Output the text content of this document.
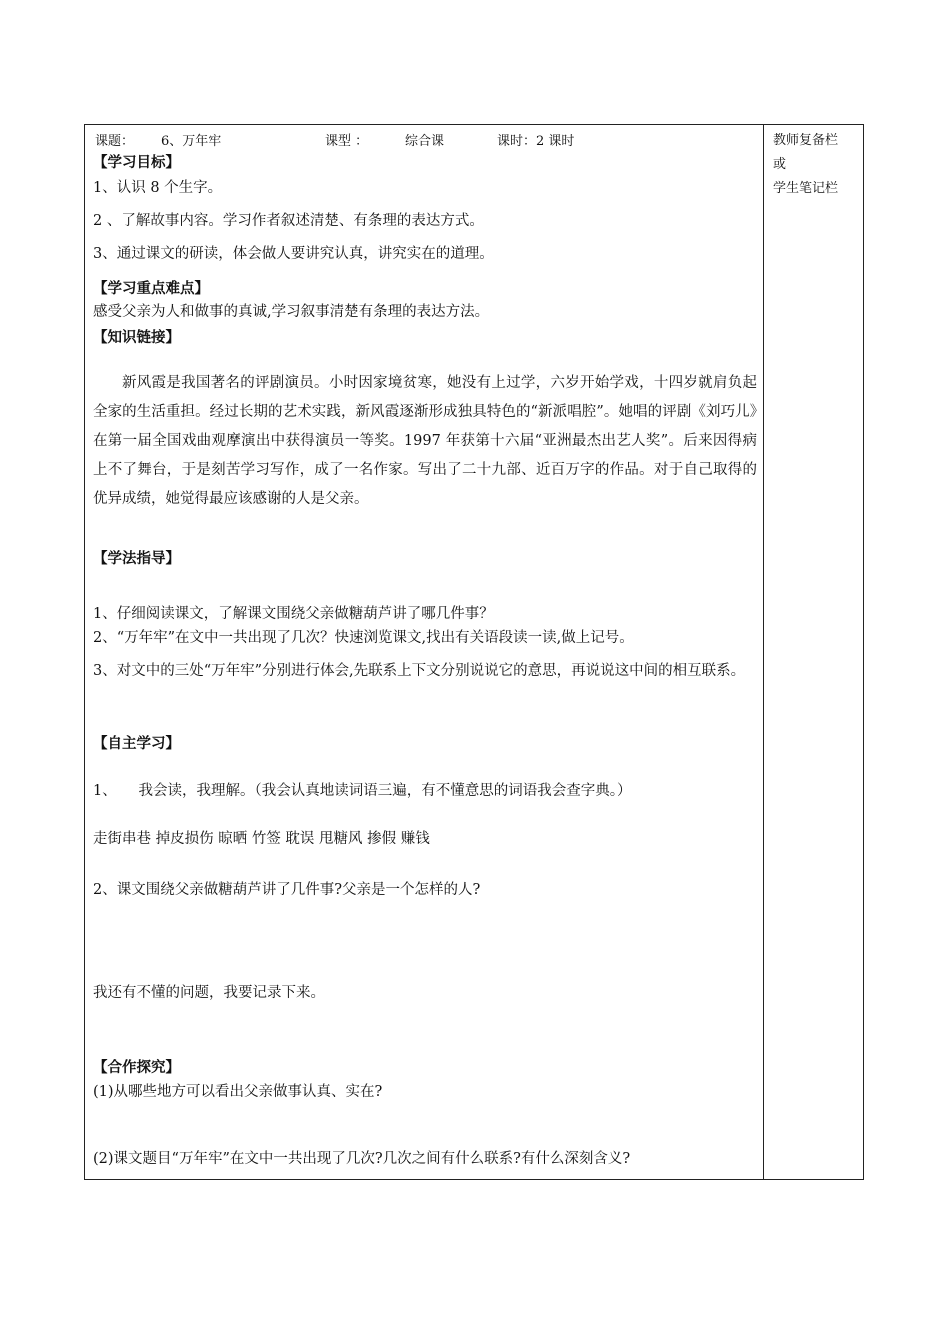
教师复备栏
或
学生笔记栏
课题： 6、万年牢	课型 ：	综合课	课时：2 课时
【学习目标】
1、认识 8 个生字。
2 、了解故事内容。学习作者叙述清楚、有条理的表达方式。
3、通过课文的研读，体会做人要讲究认真，讲究实在的道理。
【学习重点难点】
感受父亲为人和做事的真诚,学习叙事清楚有条理的表达方法。
【知识链接】
新风霞是我国著名的评剧演员。小时因家境贫寒，她没有上过学，六岁开始学戏，十四岁就肩负起全家的生活重担。经过长期的艺术实践，新风霞逐渐形成独具特色的“新派唱腔”。她唱的评剧《刘巧儿》在第一届全国戏曲观摩演出中获得演员一等奖。1997 年获第十六届“亚洲最杰出艺人奖”。后来因得病上不了舞台，于是刻苦学习写作，成了一名作家。写出了二十九部、近百万字的作品。对于自己取得的优异成绩，她觉得最应该感谢的人是父亲。
【学法指导】
1、仔细阅读课文，了解课文围绕父亲做糖葫芦讲了哪几件事？
2、“万年牢”在文中一共出现了几次？快速浏览课文,找出有关语段读一读,做上记号。
3、对文中的三处“万年牢”分别进行体会,先联系上下文分别说说它的意思，再说说这中间的相互联系。
【自主学习】
1、　　我会读，我理解。（我会认真地读词语三遍，有不懂意思的词语我会查字典。）
走街串巷 掉皮损伤 晾晒 竹签 耽误 甩糖风 掺假 赚钱
2、课文围绕父亲做糖葫芦讲了几件事?父亲是一个怎样的人?
我还有不懂的问题，我要记录下来。
【合作探究】
(1)从哪些地方可以看出父亲做事认真、实在?
(2)课文题目“万年牢”在文中一共出现了几次?几次之间有什么联系?有什么深刻含义?
